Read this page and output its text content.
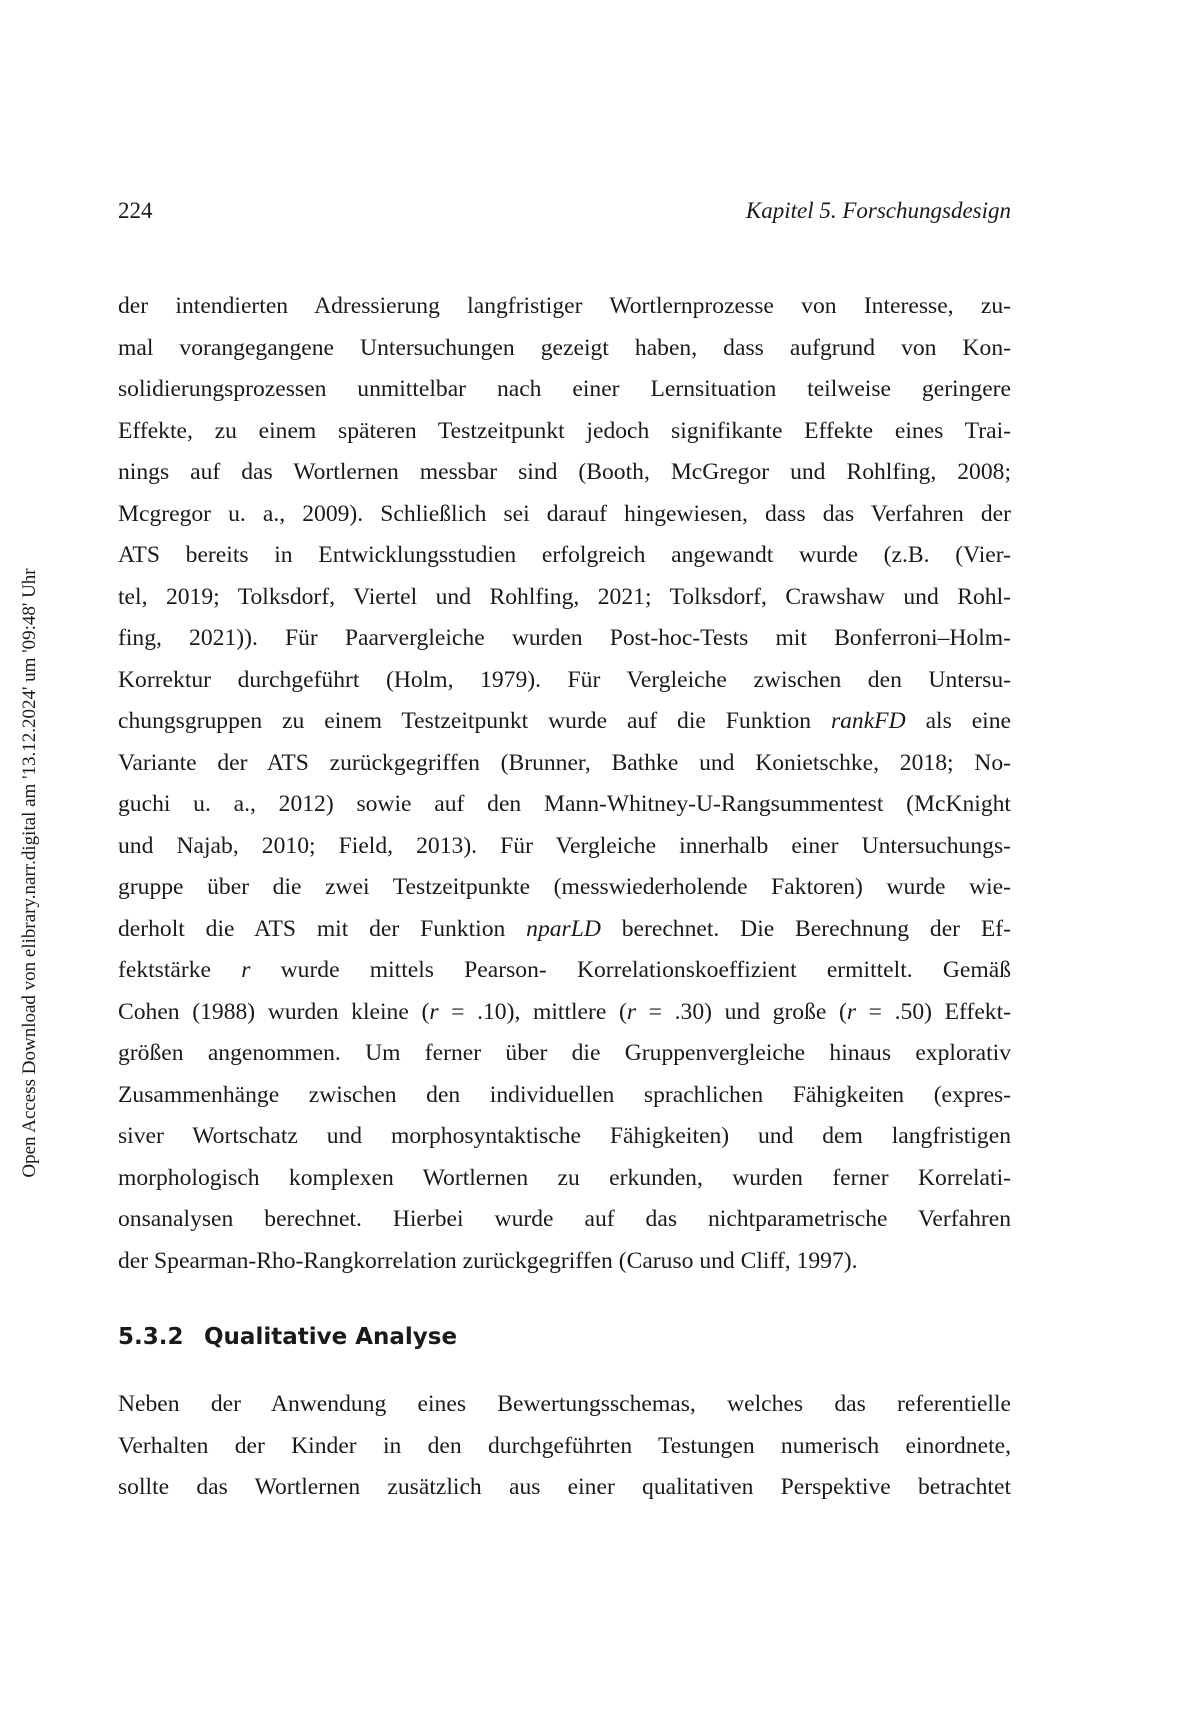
Open Access Download von elibrary.narr.digital am '13.12.2024' um '09:48' Uhr
224	Kapitel 5. Forschungsdesign

der intendierten Adressierung langfristiger Wortlernprozesse von Interesse, zu-
mal vorangegangene Untersuchungen gezeigt haben, dass aufgrund von Kon-
solidierungsprozessen unmittelbar nach einer Lernsituation teilweise geringere
Effekte, zu einem späteren Testzeitpunkt jedoch signifikante Effekte eines Trai-
nings auf das Wortlernen messbar sind (Booth, McGregor und Rohlfing, 2008;
Mcgregor u. a., 2009). Schließlich sei darauf hingewiesen, dass das Verfahren der
ATS bereits in Entwicklungsstudien erfolgreich angewandt wurde (z.B. (Vier-
tel, 2019; Tolksdorf, Viertel und Rohlfing, 2021; Tolksdorf, Crawshaw und Rohl-
fing, 2021)). Für Paarvergleiche wurden Post-hoc-Tests mit Bonferroni–Holm-
Korrektur durchgeführt (Holm, 1979). Für Vergleiche zwischen den Untersu-
chungsgruppen zu einem Testzeitpunkt wurde auf die Funktion rankFD als eine
Variante der ATS zurückgegriffen (Brunner, Bathke und Konietschke, 2018; No-
guchi u. a., 2012) sowie auf den Mann-Whitney-U-Rangsummentest (McKnight
und Najab, 2010; Field, 2013). Für Vergleiche innerhalb einer Untersuchungs-
gruppe über die zwei Testzeitpunkte (messwiederholende Faktoren) wurde wie-
derholt die ATS mit der Funktion nparLD berechnet. Die Berechnung der Ef-
fektstärke r wurde mittels Pearson- Korrelationskoeffizient ermittelt. Gemäß
Cohen (1988) wurden kleine (r = .10), mittlere (r = .30) und große (r = .50) Effekt-
größen angenommen. Um ferner über die Gruppenvergleiche hinaus explorativ
Zusammenhänge zwischen den individuellen sprachlichen Fähigkeiten (expres-
siver Wortschatz und morphosyntaktische Fähigkeiten) und dem langfristigen
morphologisch komplexen Wortlernen zu erkunden, wurden ferner Korrelati-
onsanalysen berechnet. Hierbei wurde auf das nichtparametrische Verfahren
der Spearman-Rho-Rangkorrelation zurückgegriffen (Caruso und Cliff, 1997).

5.3.2 Qualitative Analyse

Neben der Anwendung eines Bewertungsschemas, welches das referentielle
Verhalten der Kinder in den durchgeführten Testungen numerisch einordnete,
sollte das Wortlernen zusätzlich aus einer qualitativen Perspektive betrachtet
